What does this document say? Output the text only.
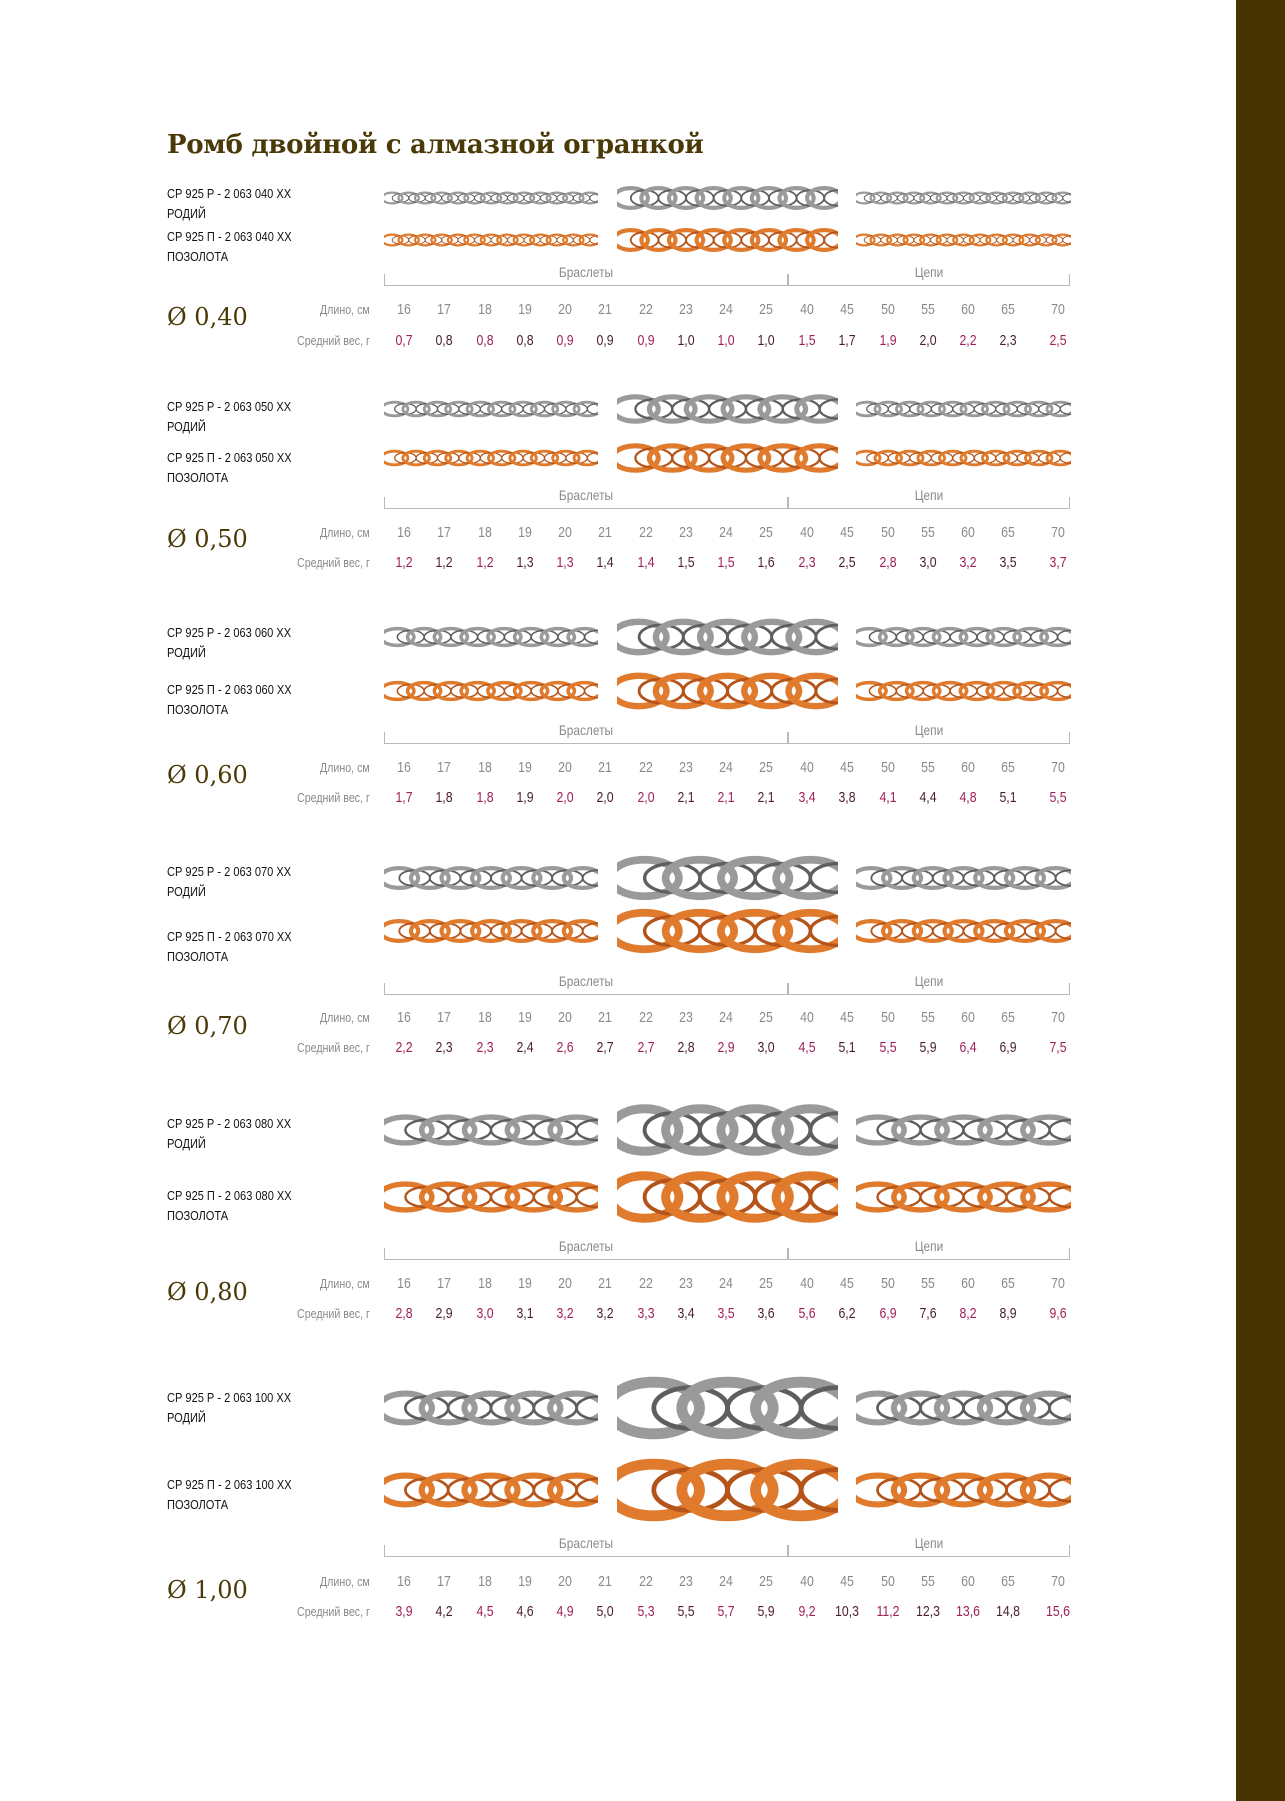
Ромб двойной с алмазной огранкой
СР 925 Р - 2 063 040 ХХ
РОДИЙ
СР 925 П - 2 063 040 ХХ
ПОЗОЛОТА
Браслеты	Цепи
Ø 0,40	Длино, см
Средний вес, г
16	17	18	19	20	21	22	23	24	25	40	45	50	55	60	65	70
0,7	0,8	0,8	0,8	0,9	0,9	0,9	1,0	1,0	1,0	1,5	1,7	1,9	2,0	2,2	2,3	2,5
СР 925 Р - 2 063 050 ХХ
РОДИЙ
СР 925 П - 2 063 050 ХХ
ПОЗОЛОТА
Браслеты	Цепи
Ø 0,50	Длино, см
Средний вес, г
16	17	18	19	20	21	22	23	24	25	40	45	50	55	60	65	70
1,2	1,2	1,2	1,3	1,3	1,4	1,4	1,5	1,5	1,6	2,3	2,5	2,8	3,0	3,2	3,5	3,7
СР 925 Р - 2 063 060 ХХ
РОДИЙ
СР 925 П - 2 063 060 ХХ
ПОЗОЛОТА
Браслеты	Цепи
Ø 0,60	Длино, см
Средний вес, г
16	17	18	19	20	21	22	23	24	25	40	45	50	55	60	65	70
1,7	1,8	1,8	1,9	2,0	2,0	2,0	2,1	2,1	2,1	3,4	3,8	4,1	4,4	4,8	5,1	5,5
СР 925 Р - 2 063 070 ХХ
РОДИЙ
СР 925 П - 2 063 070 ХХ
ПОЗОЛОТА
Браслеты	Цепи
Ø 0,70	Длино, см
Средний вес, г
16	17	18	19	20	21	22	23	24	25	40	45	50	55	60	65	70
2,2	2,3	2,3	2,4	2,6	2,7	2,7	2,8	2,9	3,0	4,5	5,1	5,5	5,9	6,4	6,9	7,5
СР 925 Р - 2 063 080 ХХ
РОДИЙ
СР 925 П - 2 063 080 ХХ
ПОЗОЛОТА
Браслеты	Цепи
Ø 0,80	Длино, см
Средний вес, г
16	17	18	19	20	21	22	23	24	25	40	45	50	55	60	65	70
2,8	2,9	3,0	3,1	3,2	3,2	3,3	3,4	3,5	3,6	5,6	6,2	6,9	7,6	8,2	8,9	9,6
СР 925 Р - 2 063 100 ХХ
РОДИЙ
СР 925 П - 2 063 100 ХХ
ПОЗОЛОТА
Браслеты	Цепи
Ø 1,00	Длино, см
Средний вес, г
16	17	18	19	20	21	22	23	24	25	40	45	50	55	60	65	70
3,9	4,2	4,5	4,6	4,9	5,0	5,3	5,5	5,7	5,9	9,2	10,3	11,2	12,3 13,6 14,8 15,6
